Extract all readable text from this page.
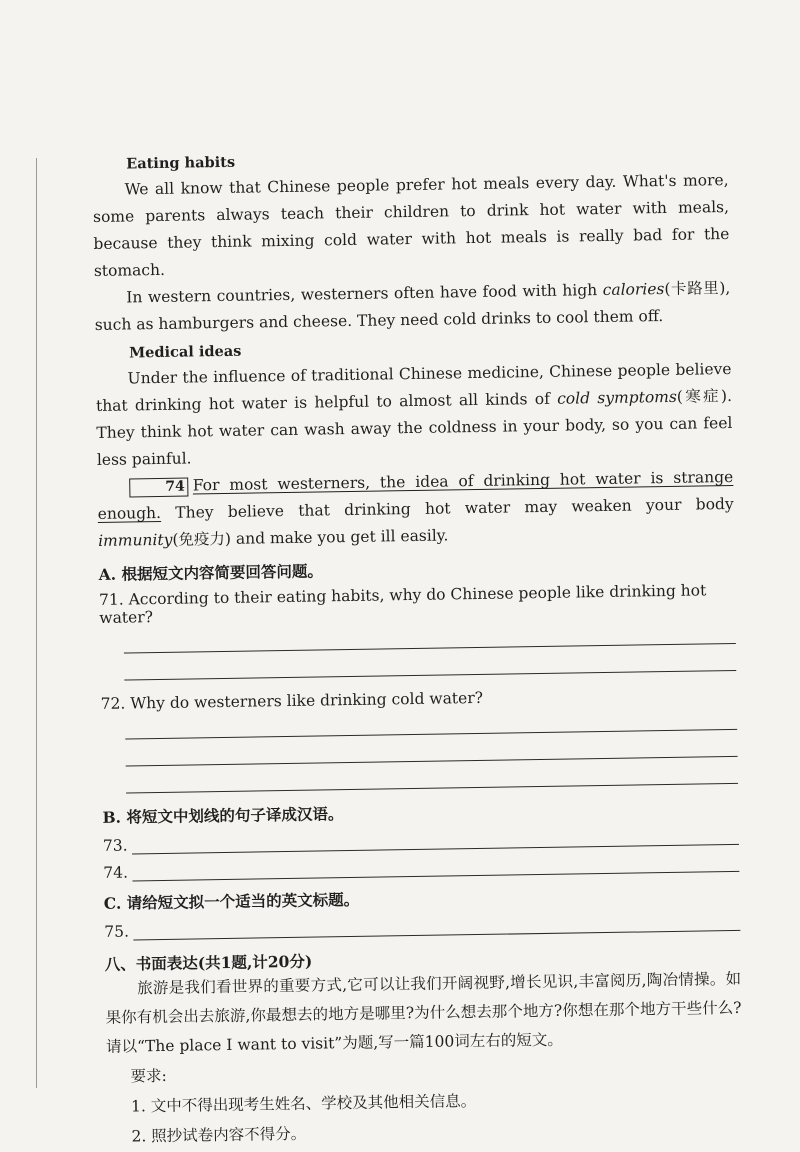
Eating habits

We all know that Chinese people prefer hot meals every day. What's more, some parents always teach their children to drink hot water with meals, because they think mixing cold water with hot meals is really bad for the stomach.

In western countries, westerners often have food with high calories(卡路里), such as hamburgers and cheese. They need cold drinks to cool them off.

Medical ideas

Under the influence of traditional Chinese medicine, Chinese people believe that drinking hot water is helpful to almost all kinds of cold symptoms(寒症). They think hot water can wash away the coldness in your body, so you can feel less painful.

74 For most westerners, the idea of drinking hot water is strange enough. They believe that drinking hot water may weaken your body immunity(免疫力) and make you get ill easily.

A. 根据短文内容简要回答问题。
71. According to their eating habits, why do Chinese people like drinking hot water?
72. Why do westerners like drinking cold water?
B. 将短文中划线的句子译成汉语。
73.
74.
C. 请给短文拟一个适当的英文标题。
75.
八、书面表达(共1题,计20分)

旅游是我们看世界的重要方式,它可以让我们开阔视野,增长见识,丰富阅历,陶冶情操。如果你有机会出去旅游,你最想去的地方是哪里?为什么想去那个地方?你想在那个地方干些什么?请以“The place I want to visit”为题,写一篇100词左右的短文。

要求:
1. 文中不得出现考生姓名、学校及其他相关信息。
2. 照抄试卷内容不得分。
